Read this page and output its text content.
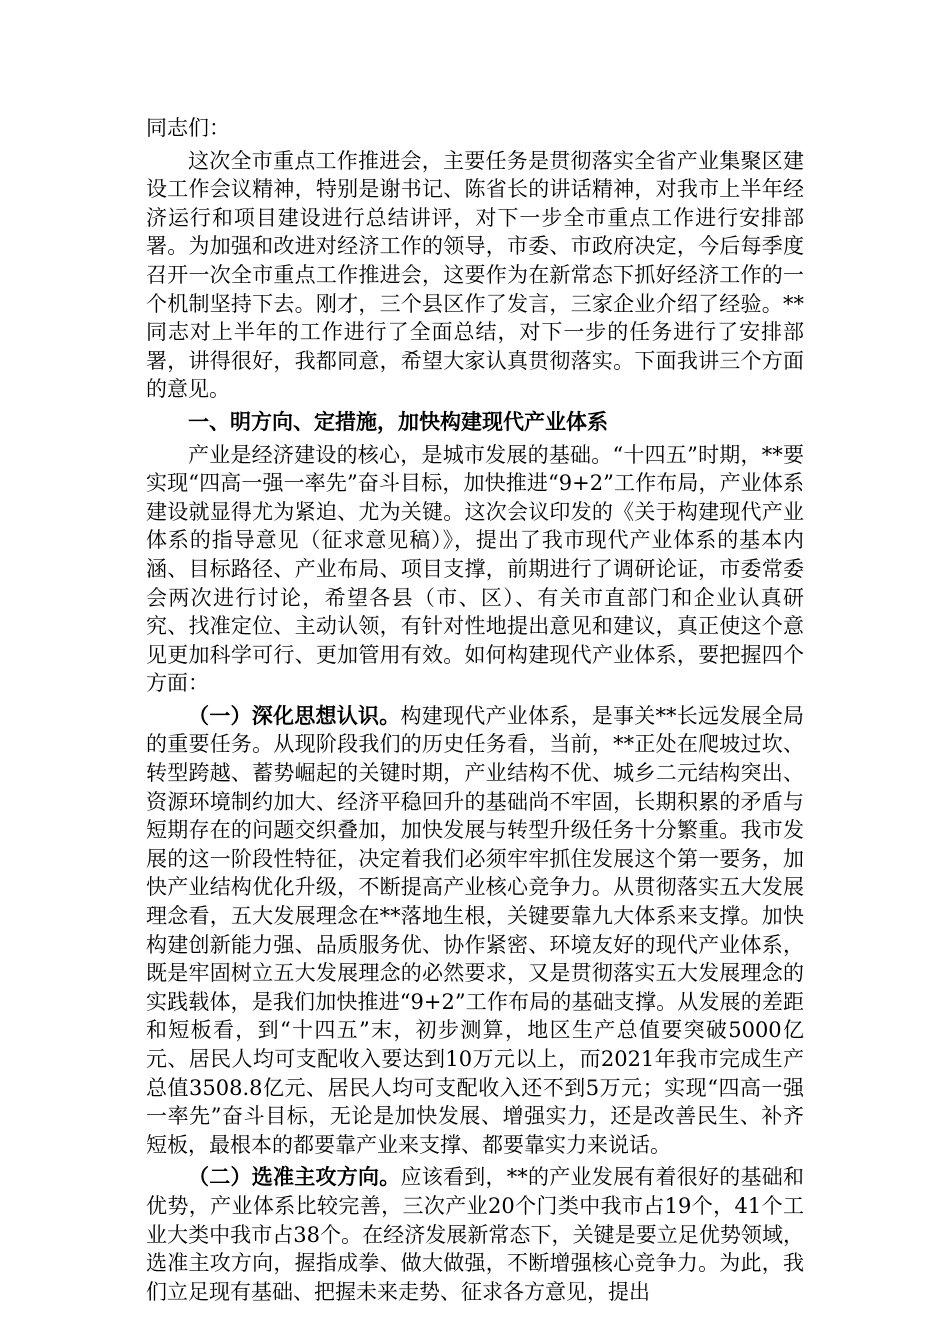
同志们：

这次全市重点工作推进会，主要任务是贯彻落实全省产业集聚区建设工作会议精神，特别是谢书记、陈省长的讲话精神，对我市上半年经济运行和项目建设进行总结讲评，对下一步全市重点工作进行安排部署。为加强和改进对经济工作的领导，市委、市政府决定，今后每季度召开一次全市重点工作推进会，这要作为在新常态下抓好经济工作的一个机制坚持下去。刚才，三个县区作了发言，三家企业介绍了经验。**同志对上半年的工作进行了全面总结，对下一步的任务进行了安排部署，讲得很好，我都同意，希望大家认真贯彻落实。下面我讲三个方面的意见。

一、明方向、定措施，加快构建现代产业体系

产业是经济建设的核心，是城市发展的基础。“十四五”时期，**要实现“四高一强一率先”奋斗目标，加快推进“9+2”工作布局，产业体系建设就显得尤为紧迫、尤为关键。这次会议印发的《关于构建现代产业体系的指导意见（征求意见稿）》，提出了我市现代产业体系的基本内涵、目标路径、产业布局、项目支撑，前期进行了调研论证，市委常委会两次进行讨论，希望各县（市、区）、有关市直部门和企业认真研究、找准定位、主动认领，有针对性地提出意见和建议，真正使这个意见更加科学可行、更加管用有效。如何构建现代产业体系，要把握四个方面：

（一）深化思想认识。构建现代产业体系，是事关**长远发展全局的重要任务。从现阶段我们的历史任务看，当前，**正处在爬坡过坎、转型跨越、蓄势崛起的关键时期，产业结构不优、城乡二元结构突出、资源环境制约加大、经济平稳回升的基础尚不牢固，长期积累的矛盾与短期存在的问题交织叠加，加快发展与转型升级任务十分繁重。我市发展的这一阶段性特征，决定着我们必须牢牢抓住发展这个第一要务，加快产业结构优化升级，不断提高产业核心竞争力。从贯彻落实五大发展理念看，五大发展理念在**落地生根，关键要靠九大体系来支撑。加快构建创新能力强、品质服务优、协作紧密、环境友好的现代产业体系，既是牢固树立五大发展理念的必然要求，又是贯彻落实五大发展理念的实践载体，是我们加快推进“9+2”工作布局的基础支撑。从发展的差距和短板看，到“十四五”末，初步测算，地区生产总值要突破5000亿元、居民人均可支配收入要达到10万元以上，而2021年我市完成生产总值3508.8亿元、居民人均可支配收入还不到5万元；实现“四高一强一率先”奋斗目标，无论是加快发展、增强实力，还是改善民生、补齐短板，最根本的都要靠产业来支撑、都要靠实力来说话。

（二）选准主攻方向。应该看到，**的产业发展有着很好的基础和优势，产业体系比较完善，三次产业20个门类中我市占19个，41个工业大类中我市占38个。在经济发展新常态下，关键是要立足优势领域，选准主攻方向，握指成拳、做大做强，不断增强核心竞争力。为此，我们立足现有基础、把握未来走势、征求各方意见，提出
